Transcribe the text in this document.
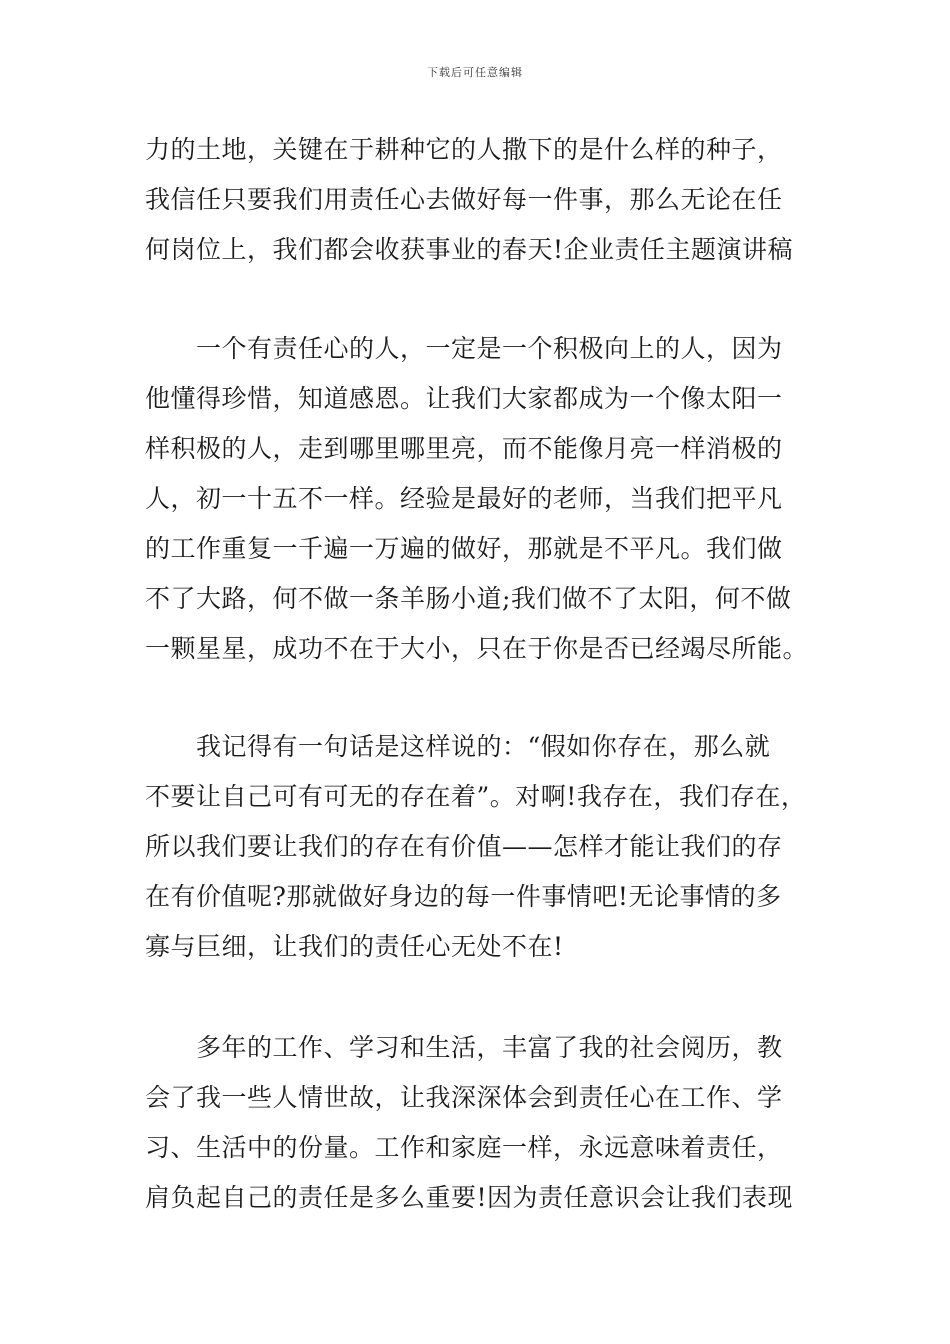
下载后可任意编辑
力的土地，关键在于耕种它的人撒下的是什么样的种子，
我信任只要我们用责任心去做好每一件事，那么无论在任
何岗位上，我们都会收获事业的春天!企业责任主题演讲稿
　　一个有责任心的人，一定是一个积极向上的人，因为
他懂得珍惜，知道感恩。让我们大家都成为一个像太阳一
样积极的人，走到哪里哪里亮，而不能像月亮一样消极的
人，初一十五不一样。经验是最好的老师，当我们把平凡
的工作重复一千遍一万遍的做好，那就是不平凡。我们做
不了大路，何不做一条羊肠小道;我们做不了太阳，何不做
一颗星星，成功不在于大小，只在于你是否已经竭尽所能。
　　我记得有一句话是这样说的：“假如你存在，那么就
不要让自己可有可无的存在着”。对啊!我存在，我们存在，
所以我们要让我们的存在有价值——怎样才能让我们的存
在有价值呢?那就做好身边的每一件事情吧!无论事情的多
寡与巨细，让我们的责任心无处不在!
　　多年的工作、学习和生活，丰富了我的社会阅历，教
会了我一些人情世故，让我深深体会到责任心在工作、学
习、生活中的份量。工作和家庭一样，永远意味着责任，
肩负起自己的责任是多么重要!因为责任意识会让我们表现
